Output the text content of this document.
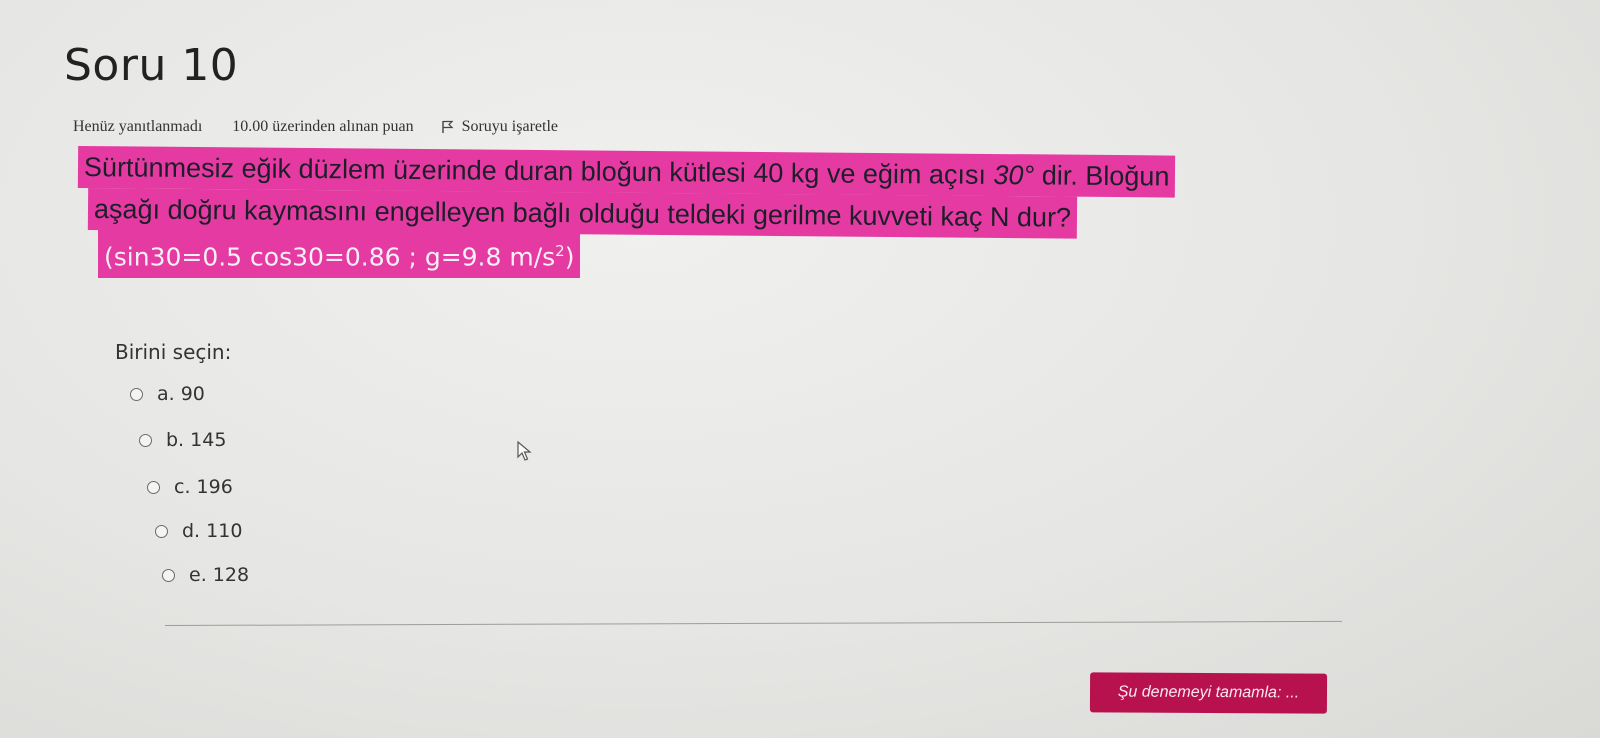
Soru 10
Henüz yanıtlanmadı 10.00 üzerinden alınan puan	Soruyu işaretle
Sürtünmesiz eğik düzlem üzerinde duran bloğun kütlesi 40 kg ve eğim açısı 30° dir. Bloğun
aşağı doğru kaymasını engelleyen bağlı olduğu teldeki gerilme kuvveti kaç N dur?
(sin30=0.5 cos30=0.86 ; g=9.8 $m/s^2$)
Birini seçin:
a. 90
b. 145
c. 196
d. 110
e. 128
Şu denemeyi tamamla: ...
